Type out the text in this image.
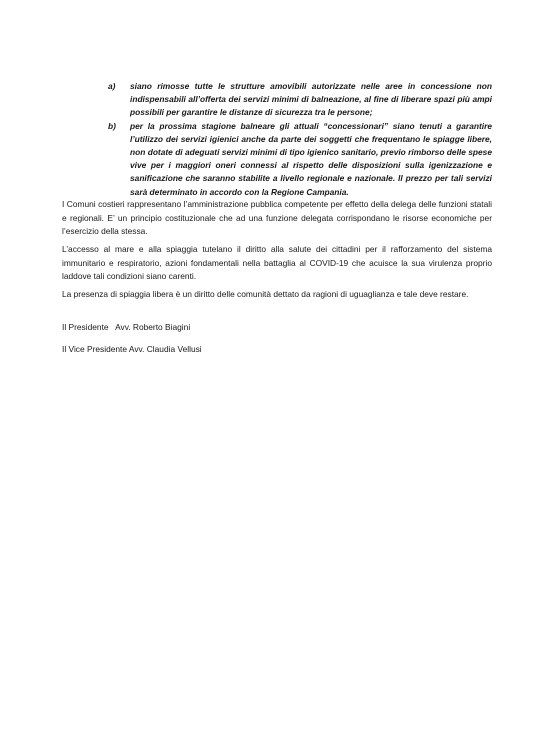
a) siano rimosse tutte le strutture amovibili autorizzate nelle aree in concessione non indispensabili all’offerta dei servizi minimi di balneazione, al fine di liberare spazi più ampi possibili per garantire le distanze di sicurezza tra le persone;
b) per la prossima stagione balneare gli attuali “concessionari” siano tenuti a garantire l’utilizzo dei servizi igienici anche da parte dei soggetti che frequentano le spiagge libere, non dotate di adeguati servizi minimi di tipo igienico sanitario, previo rimborso delle spese vive per i maggiori oneri connessi al rispetto delle disposizioni sulla igenizzazione e sanificazione che saranno stabilite a livello regionale e nazionale. Il prezzo per tali servizi sarà determinato in accordo con la Regione Campania.

I Comuni costieri rappresentano l’amministrazione pubblica competente per effetto della delega delle funzioni statali e regionali. E’ un principio costituzionale che ad una funzione delegata corrispondano le risorse economiche per l’esercizio della stessa.

L’accesso al mare e alla spiaggia tutelano il diritto alla salute dei cittadini per il rafforzamento del sistema immunitario e respiratorio, azioni fondamentali nella battaglia al COVID-19 che acuisce la sua virulenza proprio laddove tali condizioni siano carenti.

La presenza di spiaggia libera è un diritto delle comunità dettato da ragioni di uguaglianza e tale deve restare.

Il Presidente   Avv. Roberto Biagini

Il Vice Presidente Avv. Claudia Vellusi
